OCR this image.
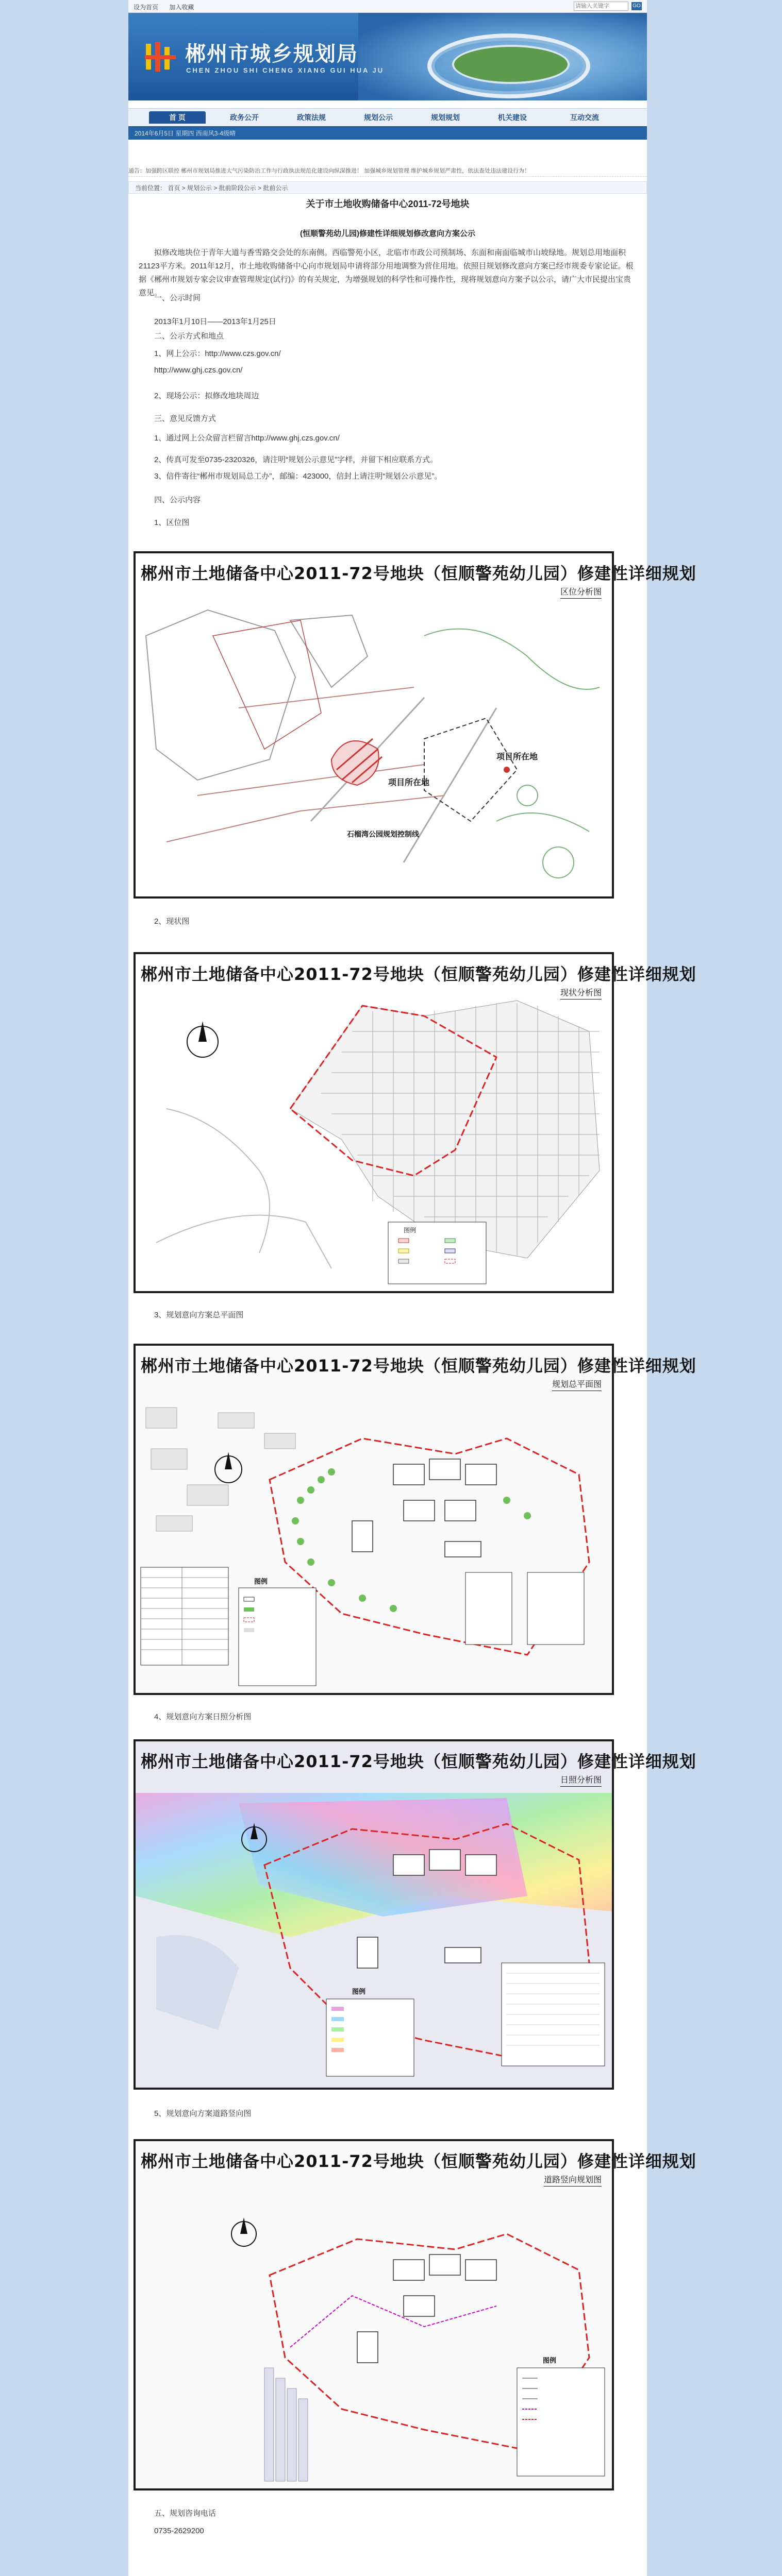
设为首页 加入收藏
请输入关键字	GO
郴州市城乡规划局
CHEN ZHOU SHI CHENG XIANG GUI HUA JU
首 页	政务公开	政策法规	规划公示	规划规划	机关建设	互动交流
2014年6月5日 星期四 西南风3-4级晴
通告：加强跨区联控 郴州市规划局推进大气污染防治工作与行政执法规范化建设向纵深推进！ 加强城乡规划管理 维护城乡规划严肃性，依法查处违法建设行为！
当前位置： 首页 > 规划公示 > 批前阶段公示 > 批前公示
关于市土地收购储备中心2011-72号地块
(恒顺警苑幼儿园)修建性详细规划修改意向方案公示
拟修改地块位于青年大道与香雪路交会处的东南侧。西临警苑小区，北临市市政公司预制场、东面和南面临城市山坡绿地。规划总用地面积21123平方米。2011年12月，市土地收购储备中心向市规划局申请将部分用地调整为营住用地。依照目规划修改意向方案已经市规委专家论证。根据《郴州市规划专家会议审查管理规定(试行)》的有关规定，为增强规划的科学性和可操作性，现将规划意向方案予以公示，请广大市民提出宝贵意见。
一、公示时间
2013年1月10日——2013年1月25日
二、公示方式和地点
1、网上公示：http://www.czs.gov.cn/
http://www.ghj.czs.gov.cn/
2、现场公示：拟修改地块周边
三、意见反馈方式
1、通过网上公众留言栏留言http://www.ghj.czs.gov.cn/
2、传真可发至0735-2320326，请注明“规划公示意见”字样，并留下相应联系方式。
3、信件寄往“郴州市规划局总工办”，邮编：423000，信封上请注明“规划公示意见”。
四、公示内容
1、区位图
项目所在地
项目所在地
石榴湾公园规划控制线
郴州市土地储备中心2011-72号地块（恒顺警苑幼儿园）修建性详细规划
区位分析图
2、现状图
图例
郴州市土地储备中心2011-72号地块（恒顺警苑幼儿园）修建性详细规划
现状分析图
3、规划意向方案总平面图
图例
郴州市土地储备中心2011-72号地块（恒顺警苑幼儿园）修建性详细规划
规划总平面图
4、规划意向方案日照分析图
图例
郴州市土地储备中心2011-72号地块（恒顺警苑幼儿园）修建性详细规划
日照分析图
5、规划意向方案道路竖向图
图例
郴州市土地储备中心2011-72号地块（恒顺警苑幼儿园）修建性详细规划
道路竖向规划图
五、规划咨询电话
0735-2629200
